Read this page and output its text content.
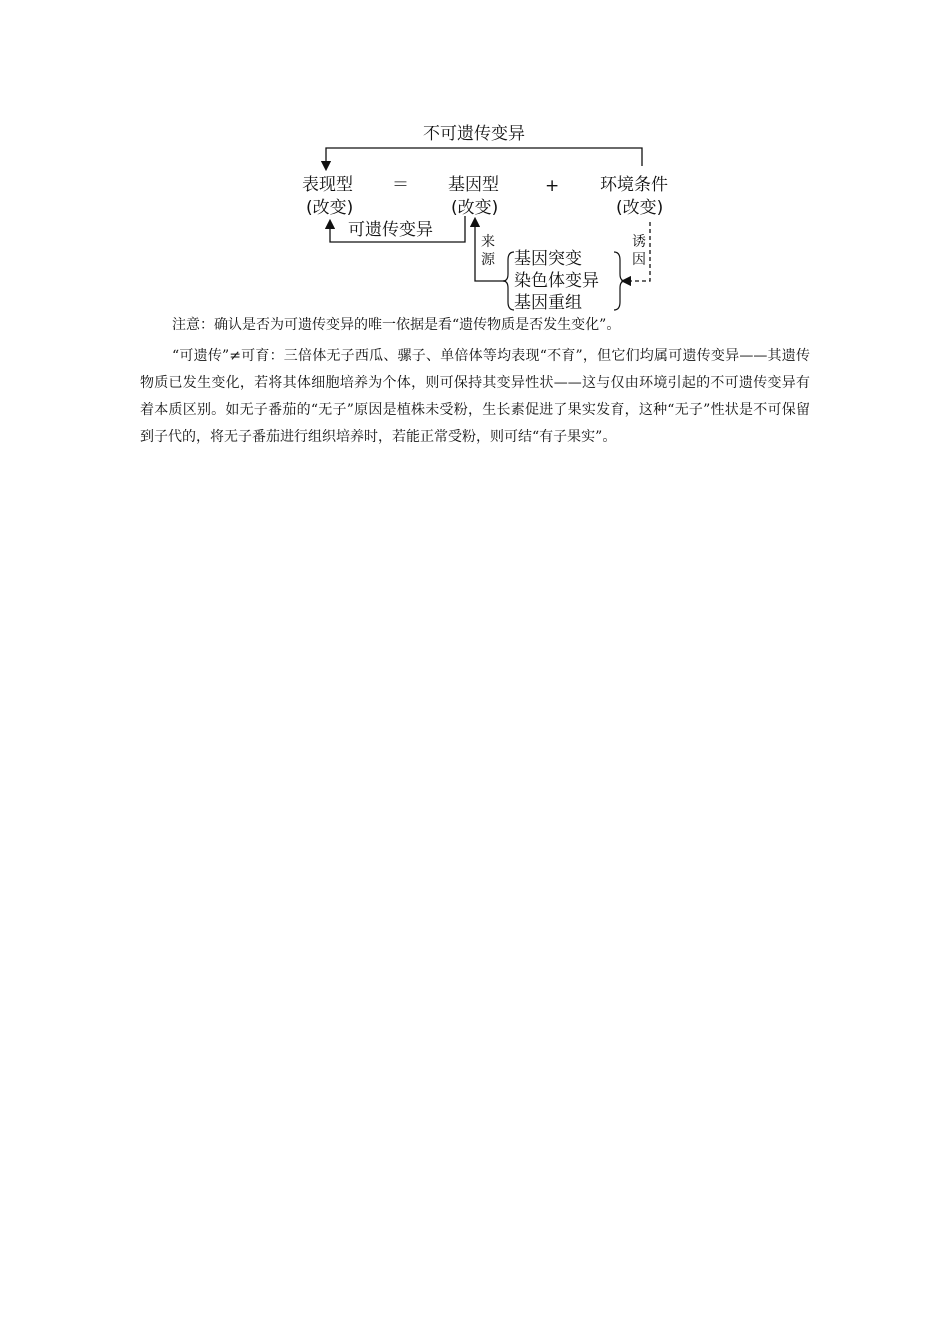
不可遗传变异
表现型
(改变)
＝ 基因型
(改变)
+ 环境条件
(改变)
可遗传变异
来源
诱因
基因突变
染色体变异
基因重组
注意：确认是否为可遗传变异的唯一依据是看“遗传物质是否发生变化”。
“可遗传”≠可育：三倍体无子西瓜、骡子、单倍体等均表现“不育”，但它们均属可遗传变异——其遗传物质已发生变化，若将其体细胞培养为个体，则可保持其变异性状——这与仅由环境引起的不可遗传变异有着本质区别。如无子番茄的“无子”原因是植株未受粉，生长素促进了果实发育，这种“无子”性状是不可保留到子代的，将无子番茄进行组织培养时，若能正常受粉，则可结“有子果实”。
